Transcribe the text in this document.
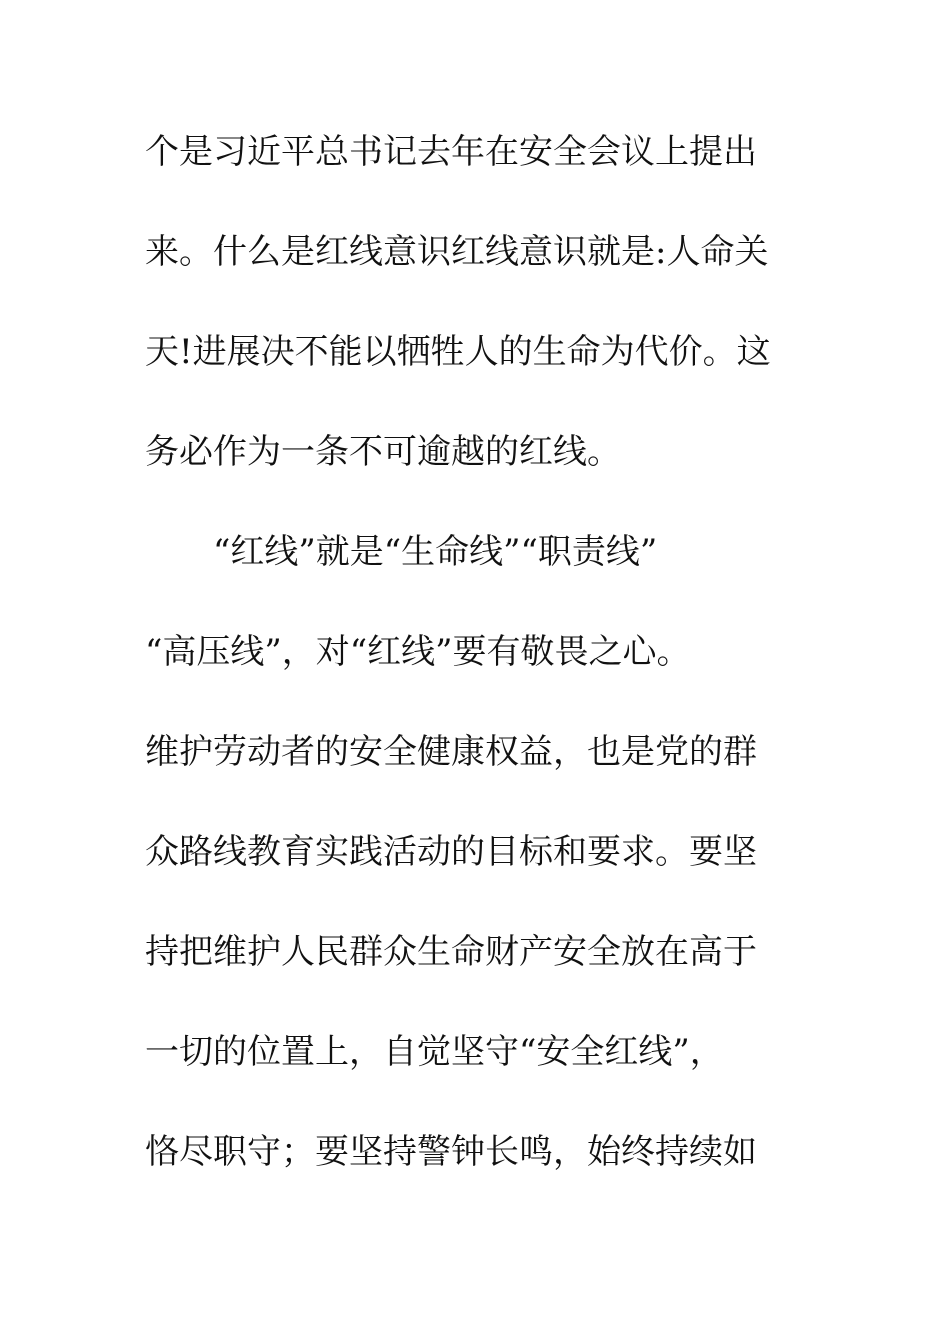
个是习近平总书记去年在安全会议上提出
来。什么是红线意识红线意识就是:人命关
天!进展决不能以牺牲人的生命为代价。这
务必作为一条不可逾越的红线。
“红线”就是“生命线”“职责线”
“高压线”，对“红线”要有敬畏之心。
维护劳动者的安全健康权益，也是党的群
众路线教育实践活动的目标和要求。要坚
持把维护人民群众生命财产安全放在高于
一切的位置上，自觉坚守“安全红线”，
恪尽职守；要坚持警钟长鸣，始终持续如
